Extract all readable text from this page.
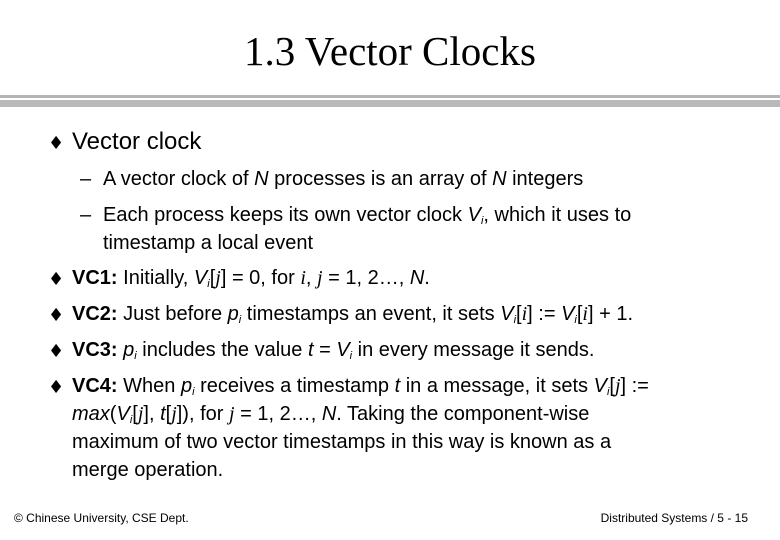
1.3 Vector Clocks
♦ Vector clock
– A vector clock of N processes is an array of N integers
– Each process keeps its own vector clock $V_i$, which it uses to
timestamp a local event
♦ VC1: Initially, $V_i[j] = 0$, for i, j = 1, 2…, N.
♦ VC2: Just before $p_i$ timestamps an event, it sets $V_i[i]$ := $V_i[i] + 1$.
♦ VC3: $p_i$ includes the value $t = V_i$ in every message it sends.
♦ VC4: When $p_i$ receives a timestamp t in a message, it sets $V_i[j]$ :=
$\max(V_i[j]$, t[j]), for j = 1, 2…, N. Taking the component-wise
maximum of two vector timestamps in this way is known as a
merge operation.
© Chinese University, CSE Dept.	Distributed Systems / 5 - 15
